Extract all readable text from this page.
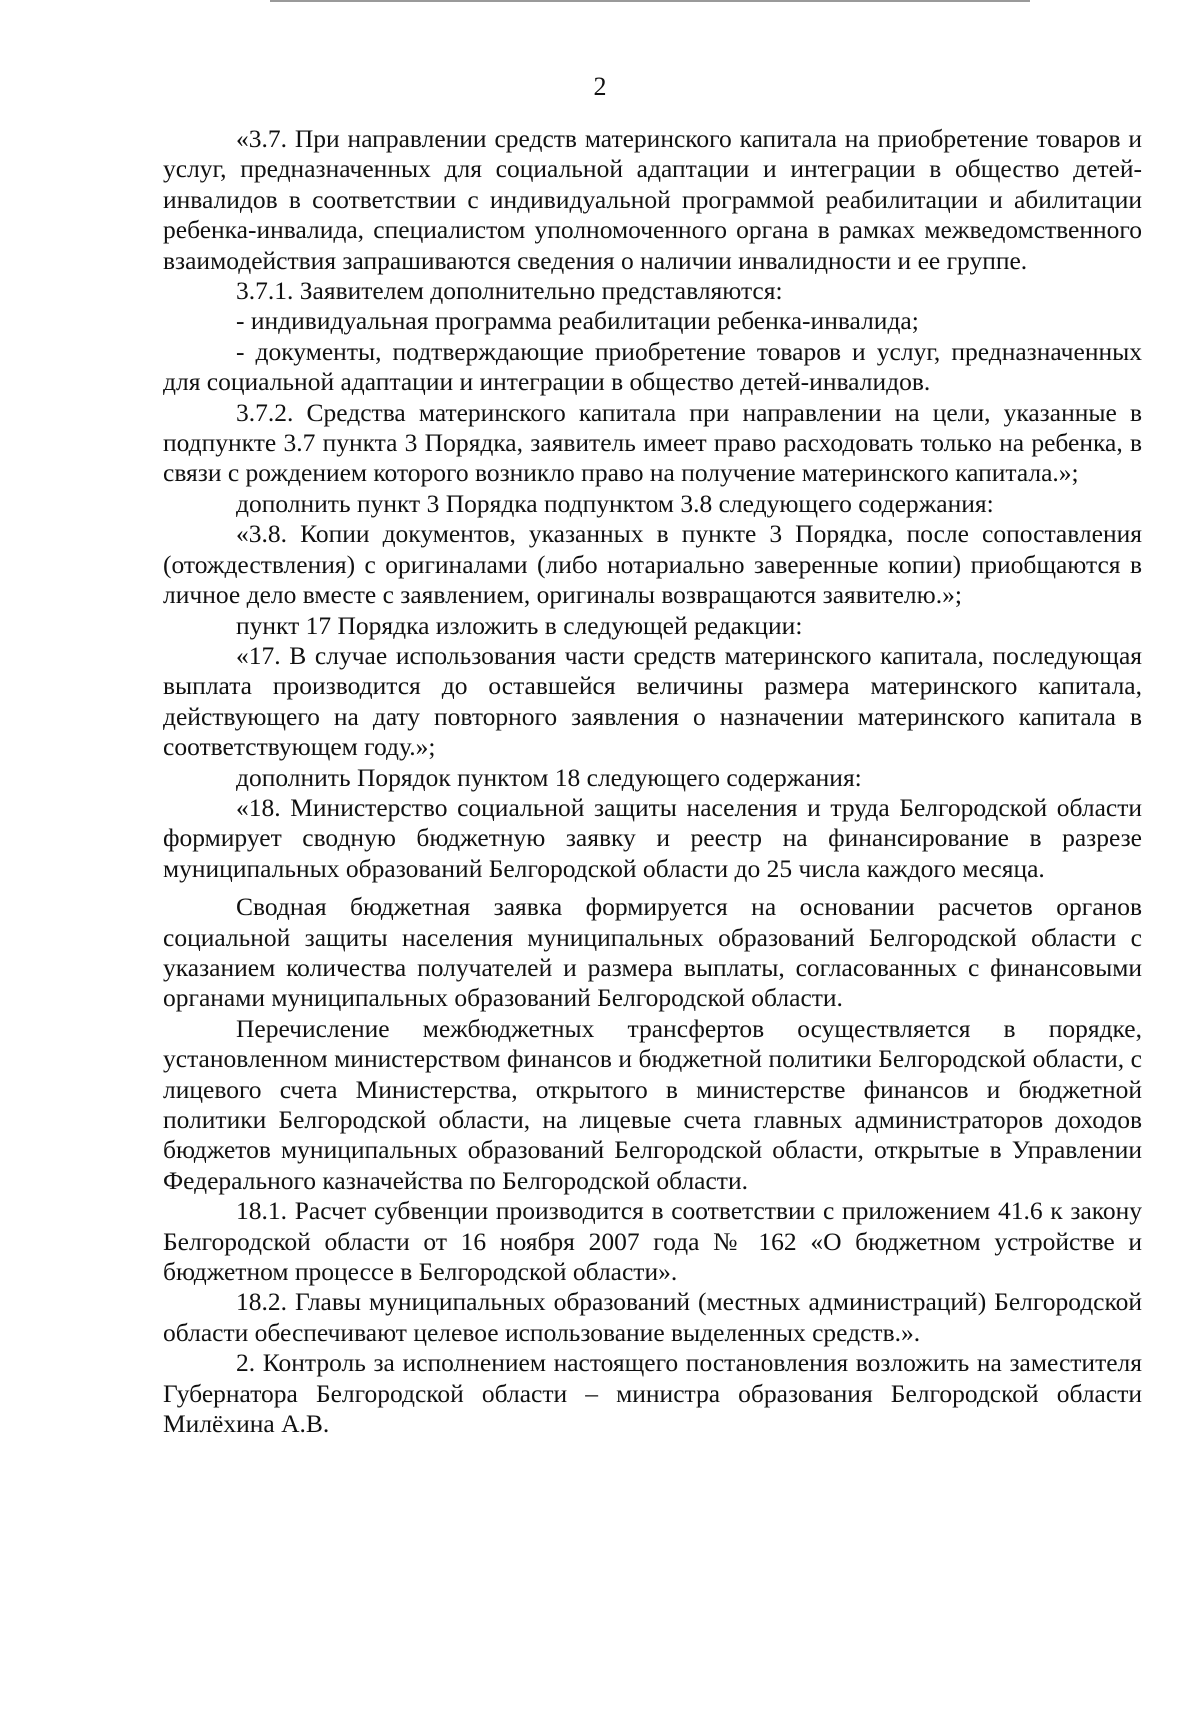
2

«3.7. При направлении средств материнского капитала на приобретение товаров и услуг, предназначенных для социальной адаптации и интеграции в общество детей-инвалидов в соответствии с индивидуальной программой реабилитации и абилитации ребенка-инвалида, специалистом уполномоченного органа в рамках межведомственного взаимодействия запрашиваются сведения о наличии инвалидности и ее группе.

3.7.1. Заявителем дополнительно представляются:

- индивидуальная программа реабилитации ребенка-инвалида;

- документы, подтверждающие приобретение товаров и услуг, предназначенных для социальной адаптации и интеграции в общество детей-инвалидов.

3.7.2. Средства материнского капитала при направлении на цели, указанные в подпункте 3.7 пункта 3 Порядка, заявитель имеет право расходовать только на ребенка, в связи с рождением которого возникло право на получение материнского капитала.»;

дополнить пункт 3 Порядка подпунктом 3.8 следующего содержания:

«3.8. Копии документов, указанных в пункте 3 Порядка, после сопоставления (отождествления) с оригиналами (либо нотариально заверенные копии) приобщаются в личное дело вместе с заявлением, оригиналы возвращаются заявителю.»;

пункт 17 Порядка изложить в следующей редакции:

«17. В случае использования части средств материнского капитала, последующая выплата производится до оставшейся величины размера материнского капитала, действующего на дату повторного заявления о назначении материнского капитала в соответствующем году.»;

дополнить Порядок пунктом 18 следующего содержания:

«18. Министерство социальной защиты населения и труда Белгородской области формирует сводную бюджетную заявку и реестр на финансирование в разрезе муниципальных образований Белгородской области до 25 числа каждого месяца.

Сводная бюджетная заявка формируется на основании расчетов органов социальной защиты населения муниципальных образований Белгородской области с указанием количества получателей и размера выплаты, согласованных с финансовыми органами муниципальных образований Белгородской области.

Перечисление межбюджетных трансфертов осуществляется в порядке, установленном министерством финансов и бюджетной политики Белгородской области, с лицевого счета Министерства, открытого в министерстве финансов и бюджетной политики Белгородской области, на лицевые счета главных администраторов доходов бюджетов муниципальных образований Белгородской области, открытые в Управлении Федерального казначейства по Белгородской области.

18.1. Расчет субвенции производится в соответствии с приложением 41.6 к закону Белгородской области от 16 ноября 2007 года № 162 «О бюджетном устройстве и бюджетном процессе в Белгородской области».

18.2. Главы муниципальных образований (местных администраций) Белгородской области обеспечивают целевое использование выделенных средств.».

2. Контроль за исполнением настоящего постановления возложить на заместителя Губернатора Белгородской области – министра образования Белгородской области Милёхина А.В.
